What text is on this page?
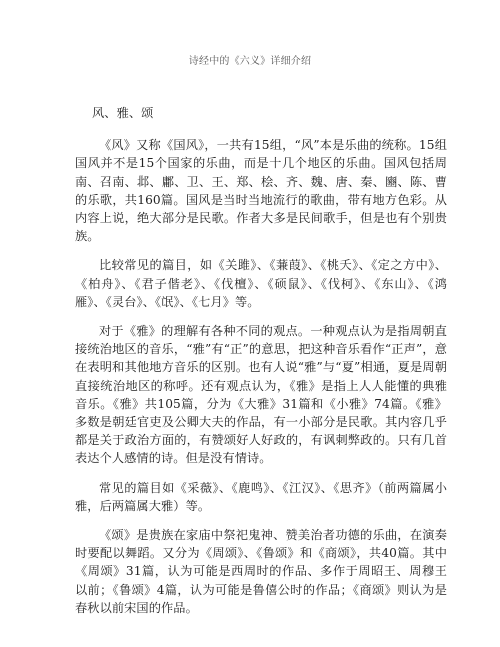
诗经中的《六义》详细介绍
风、雅、颂

《风》又称《国风》，一共有15组，“风”本是乐曲的统称。15组国风并不是15个国家的乐曲，而是十几个地区的乐曲。国风包括周南、召南、邶、鄘、卫、王、郑、桧、齐、魏、唐、秦、豳、陈、曹的乐歌，共160篇。国风是当时当地流行的歌曲，带有地方色彩。从内容上说，绝大部分是民歌。作者大多是民间歌手，但是也有个别贵族。

比较常见的篇目，如《关雎》、《蒹葭》、《桃夭》、《定之方中》、《柏舟》、《君子偕老》、《伐檀》、《硕鼠》、《伐柯》、《东山》、《鸿雁》、《灵台》、《氓》、《七月》等。

对于《雅》的理解有各种不同的观点。一种观点认为是指周朝直接统治地区的音乐，“雅”有“正”的意思，把这种音乐看作“正声”，意在表明和其他地方音乐的区别。也有人说“雅”与“夏”相通，夏是周朝直接统治地区的称呼。还有观点认为，《雅》是指上人人能懂的典雅音乐。《雅》共105篇，分为《大雅》31篇和《小雅》74篇。《雅》多数是朝廷官吏及公卿大夫的作品，有一小部分是民歌。其内容几乎都是关于政治方面的，有赞颂好人好政的，有讽刺弊政的。只有几首表达个人感情的诗。但是没有情诗。

常见的篇目如《采薇》、《鹿鸣》、《江汉》、《思齐》（前两篇属小雅，后两篇属大雅）等。

《颂》是贵族在家庙中祭祀鬼神、赞美治者功德的乐曲，在演奏时要配以舞蹈。又分为《周颂》、《鲁颂》和《商颂》，共40篇。其中《周颂》31篇，认为可能是西周时的作品、多作于周昭王、周穆王以前；《鲁颂》4篇，认为可能是鲁僖公时的作品；《商颂》则认为是春秋以前宋国的作品。
